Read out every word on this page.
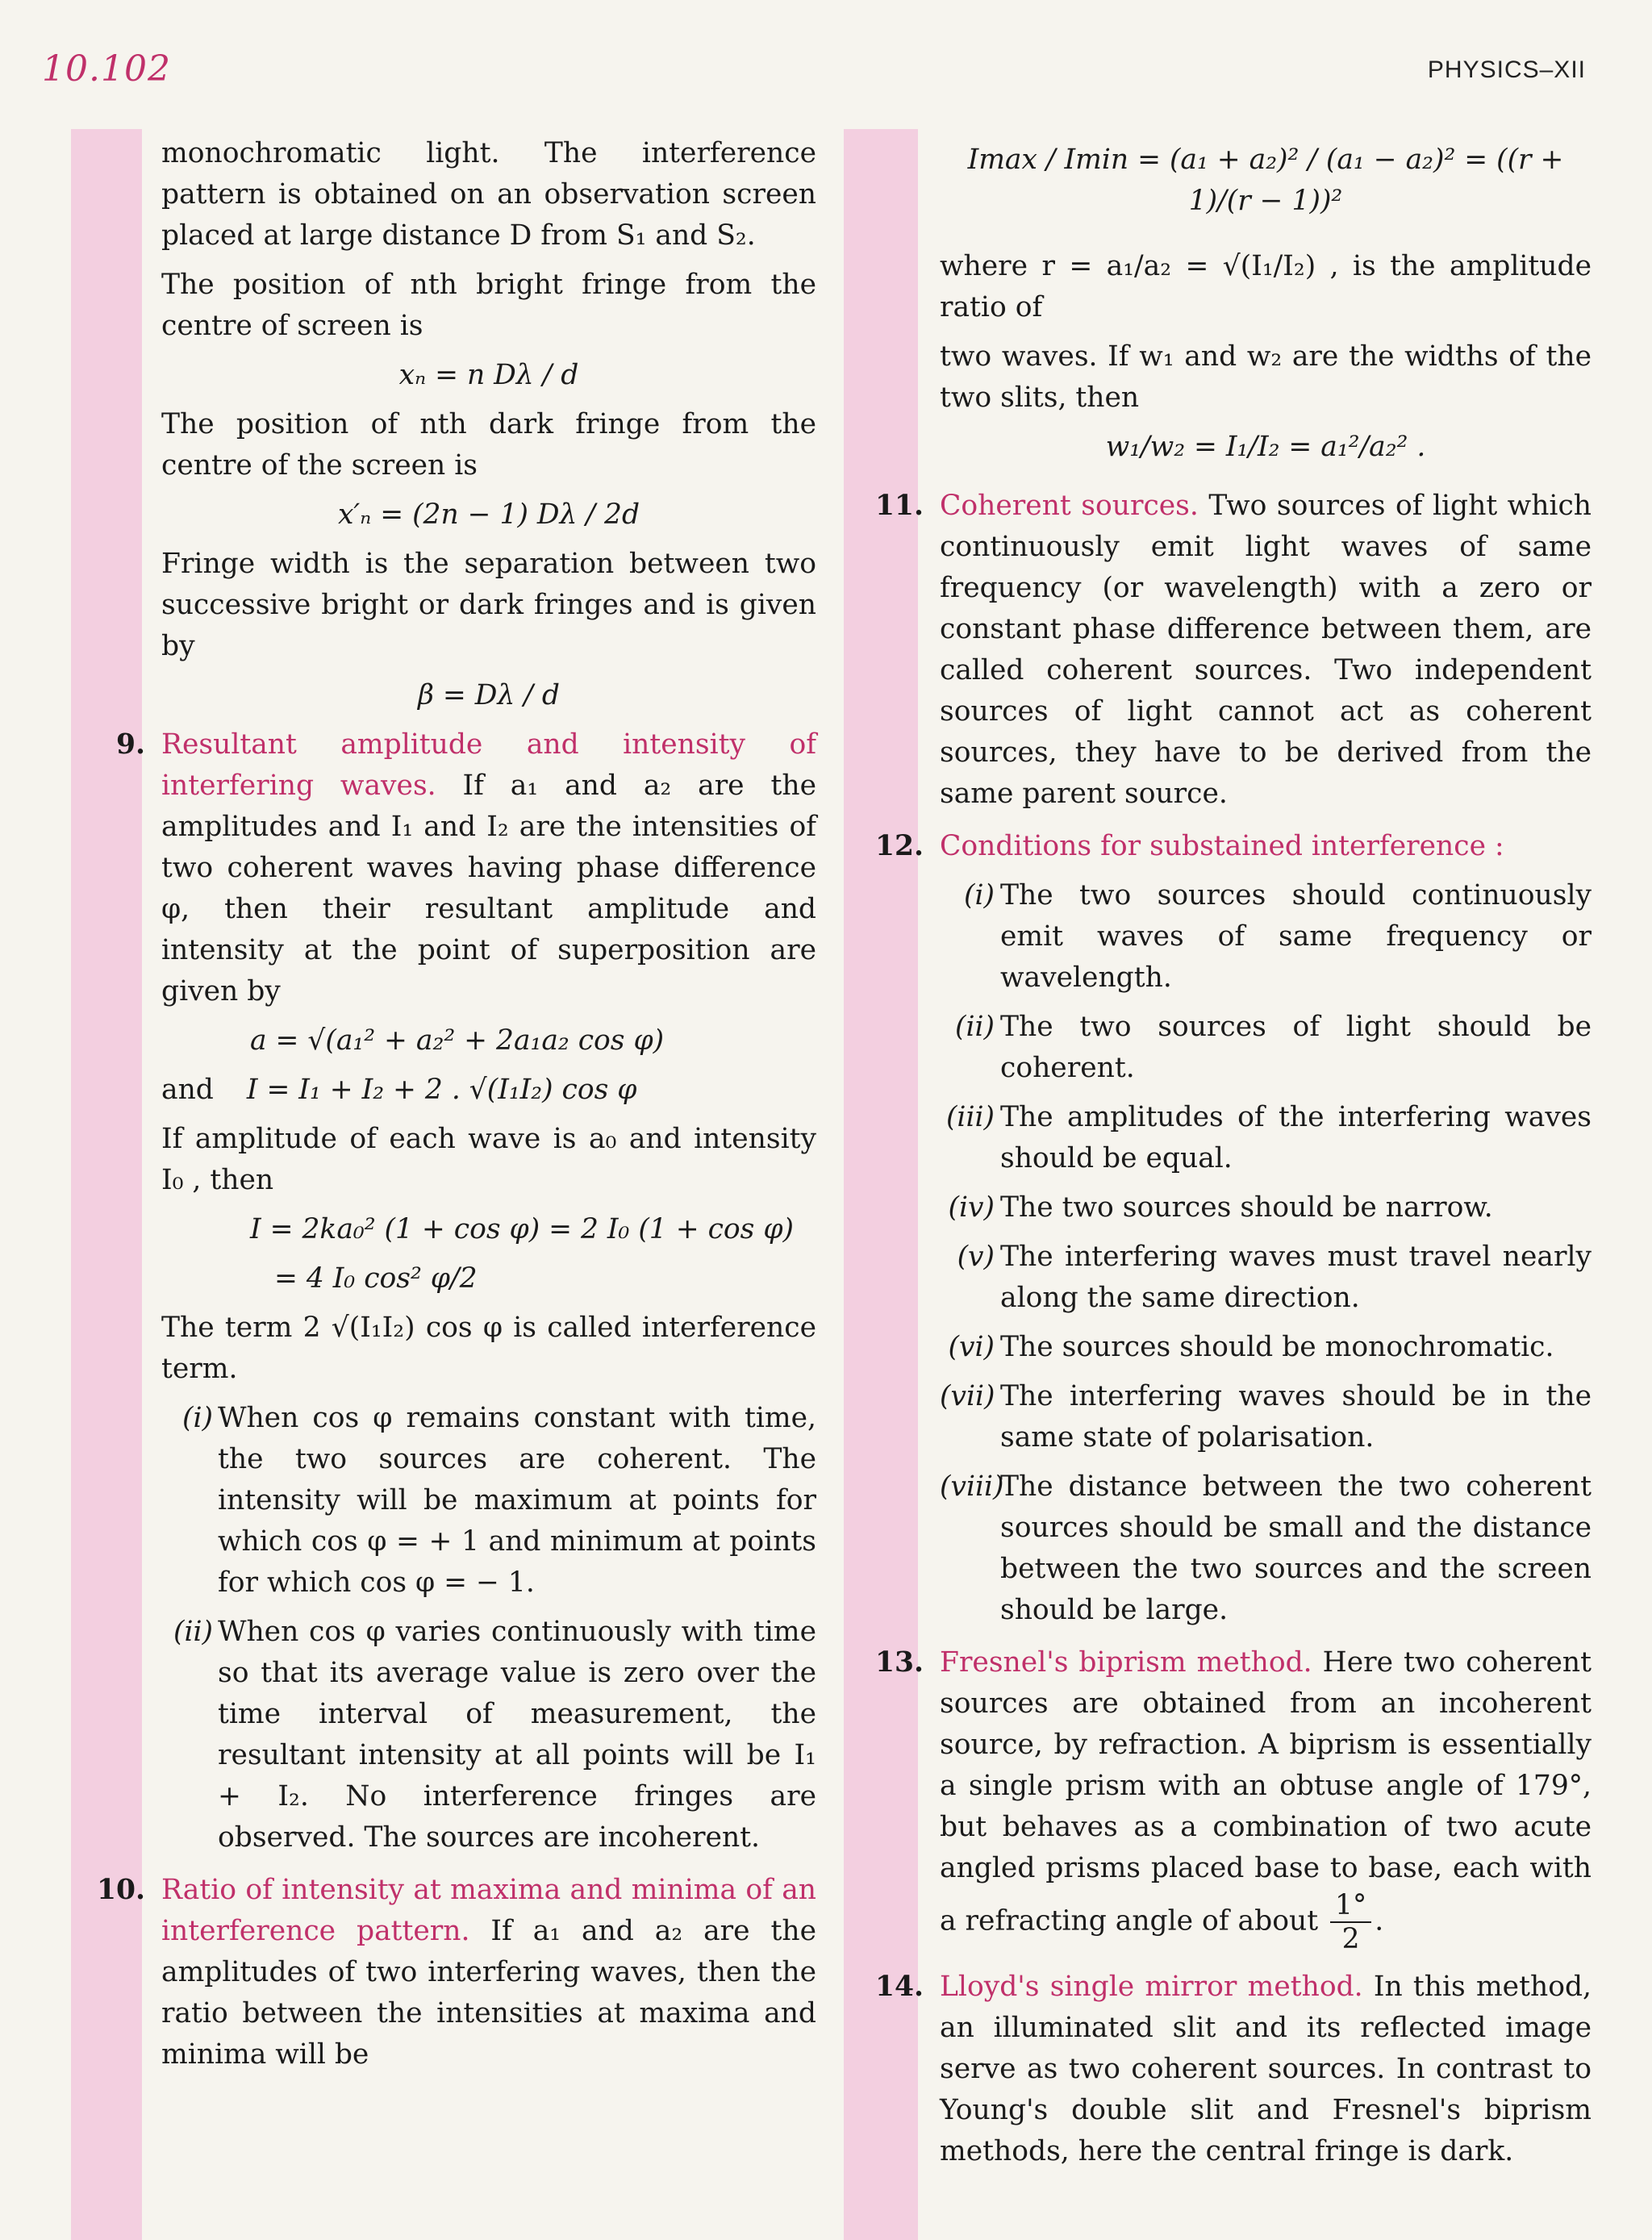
10.102	PHYSICS–XII

monochromatic light. The interference pattern is obtained on an observation screen placed at large distance D from S₁ and S₂.

The position of nth bright fringe from the centre of screen is

xₙ = n Dλ / d

The position of nth dark fringe from the centre of the screen is

x′ₙ = (2n − 1) Dλ / 2d

Fringe width is the separation between two successive bright or dark fringes and is given by

β = Dλ / d
9. Resultant amplitude and intensity of interfering waves. If a₁ and a₂ are the amplitudes and I₁ and I₂ are the intensities of two coherent waves having phase difference φ, then their resultant amplitude and intensity at the point of superposition are given by

a = √(a₁² + a₂² + 2a₁a₂ cos φ)
and I = I₁ + I₂ + 2 . √(I₁I₂) cos φ

If amplitude of each wave is a₀ and intensity I₀ , then

I = 2ka₀² (1 + cos φ) = 2 I₀ (1 + cos φ)
= 4 I₀ cos² φ/2

The term 2 √(I₁I₂) cos φ is called interference term.

(i) When cos φ remains constant with time, the two sources are coherent. The intensity will be maximum at points for which cos φ = + 1 and minimum at points for which cos φ = − 1.
(ii) When cos φ varies continuously with time so that its average value is zero over the time interval of measurement, the resultant intensity at all points will be I₁ + I₂. No interference fringes are observed. The sources are incoherent.
10. Ratio of intensity at maxima and minima of an interference pattern. If a₁ and a₂ are the amplitudes of two interfering waves, then the ratio between the intensities at maxima and minima will be

Imax / Imin = (a₁ + a₂)² / (a₁ − a₂)² = ((r + 1)/(r − 1))²

where r = a₁/a₂ = √(I₁/I₂) , is the amplitude ratio of

two waves. If w₁ and w₂ are the widths of the two slits, then

w₁/w₂ = I₁/I₂ = a₁²/a₂² .
11. Coherent sources. Two sources of light which continuously emit light waves of same frequency (or wavelength) with a zero or constant phase difference between them, are called coherent sources. Two independent sources of light cannot act as coherent sources, they have to be derived from the same parent source.

12. Conditions for substained interference :

(i) The two sources should continuously emit waves of same frequency or wavelength.
(ii) The two sources of light should be coherent.
(iii) The amplitudes of the interfering waves should be equal.
(iv) The two sources should be narrow.
(v) The interfering waves must travel nearly along the same direction.
(vi) The sources should be monochromatic.
(vii) The interfering waves should be in the same state of polarisation.
(viii)
The distance between the two coherent sources should be small and the distance between the two sources and the screen should be large.
13. Fresnel's biprism method. Here two coherent sources are obtained from an incoherent source, by refraction. A biprism is essentially a single prism with an obtuse angle of 179°, but behaves as a combination of two acute angled prisms placed base to base, each with a refracting angle of about $\frac{1^\circ}{2}$ .

14. Lloyd's single mirror method. In this method, an illuminated slit and its reflected image serve as two coherent sources. In contrast to Young's double slit and Fresnel's biprism methods, here the central fringe is dark.
